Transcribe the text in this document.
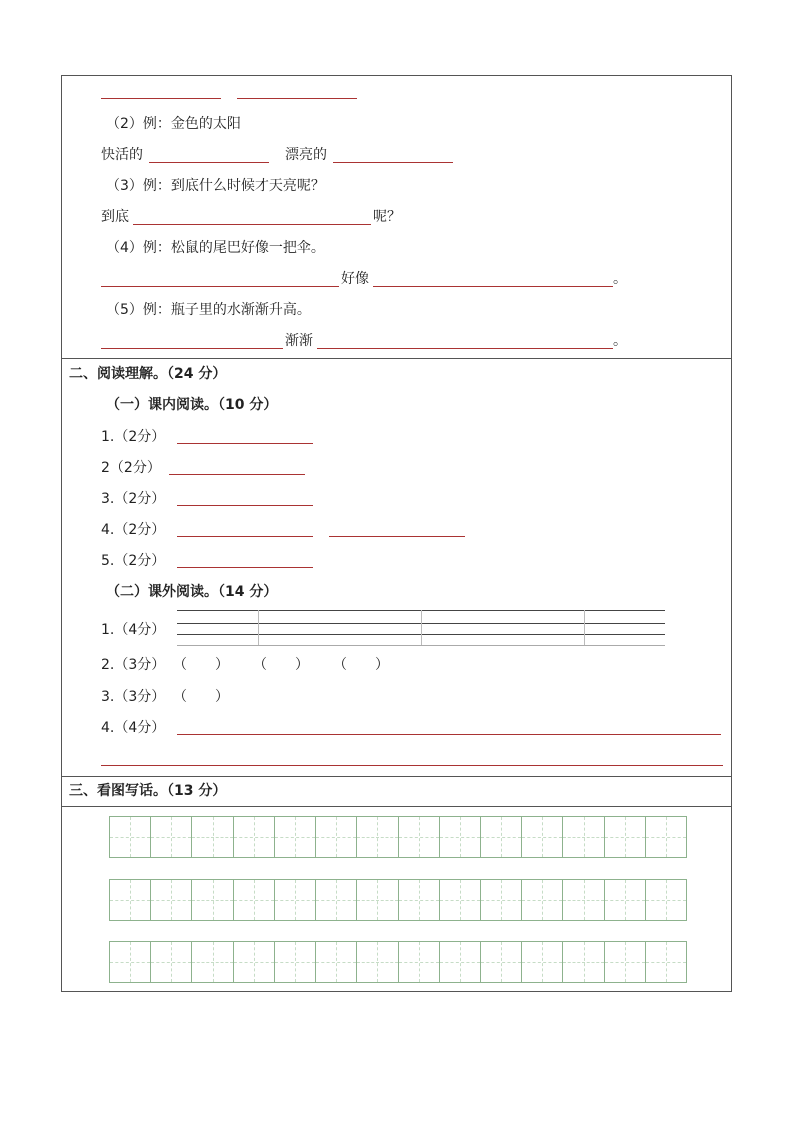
（2）例：金色的太阳
快活的	漂亮的
（3）例：到底什么时候才天亮呢？
到底	呢？
（4）例：松鼠的尾巴好像一把伞。
好像	。
（5）例：瓶子里的水渐渐升高。
渐渐	。
二、阅读理解。（24 分）
（一）课内阅读。（10 分）
1.（2分）
2（2分）
3.（2分）
4.（2分）
5.（2分）
（二）课外阅读。（14 分）
1.（4分）
2.（3分） （　　） （　　） （　　）
3.（3分） （　　）
4.（4分）
三、看图写话。（13 分）
